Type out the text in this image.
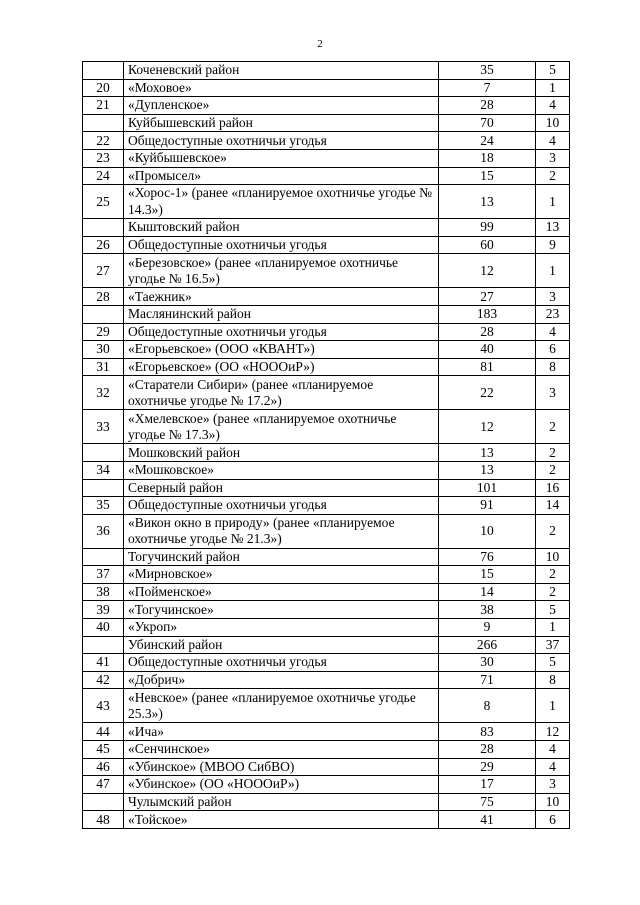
2
	Коченевский район	35	5
20	«Моховое»	7	1
21	«Дупленское»	28	4
	Куйбышевский район	70	10
22	Общедоступные охотничьи угодья	24	4
23	«Куйбышевское»	18	3
24	«Промысел»	15	2
25	«Хорос-1» (ранее «планируемое охотничье угодье № 14.3»)	13	1
	Кыштовский район	99	13
26	Общедоступные охотничьи угодья	60	9
27	«Березовское» (ранее «планируемое охотничье угодье № 16.5»)	12	1
28	«Таежник»	27	3
	Маслянинский район	183	23
29	Общедоступные охотничьи угодья	28	4
30	«Егорьевское» (ООО «КВАНТ»)	40	6
31	«Егорьевское» (ОО «НОООиР»)	81	8
32	«Старатели Сибири» (ранее «планируемое охотничье угодье № 17.2»)	22	3
33	«Хмелевское» (ранее «планируемое охотничье угодье № 17.3»)	12	2
	Мошковский район	13	2
34	«Мошковское»	13	2
	Северный район	101	16
35	Общедоступные охотничьи угодья	91	14
36	«Викон окно в природу» (ранее «планируемое охотничье угодье № 21.3»)	10	2
	Тогучинский район	76	10
37	«Мирновское»	15	2
38	«Пойменское»	14	2
39	«Тогучинское»	38	5
40	«Укроп»	9	1
	Убинский район	266	37
41	Общедоступные охотничьи угодья	30	5
42	«Добрич»	71	8
43	«Невское» (ранее «планируемое охотничье угодье 25.3»)	8	1
44	«Ича»	83	12
45	«Сенчинское»	28	4
46	«Убинское» (МВОО СибВО)	29	4
47	«Убинское» (ОО «НОООиР»)	17	3
	Чулымский район	75	10
48	«Тойское»	41	6
